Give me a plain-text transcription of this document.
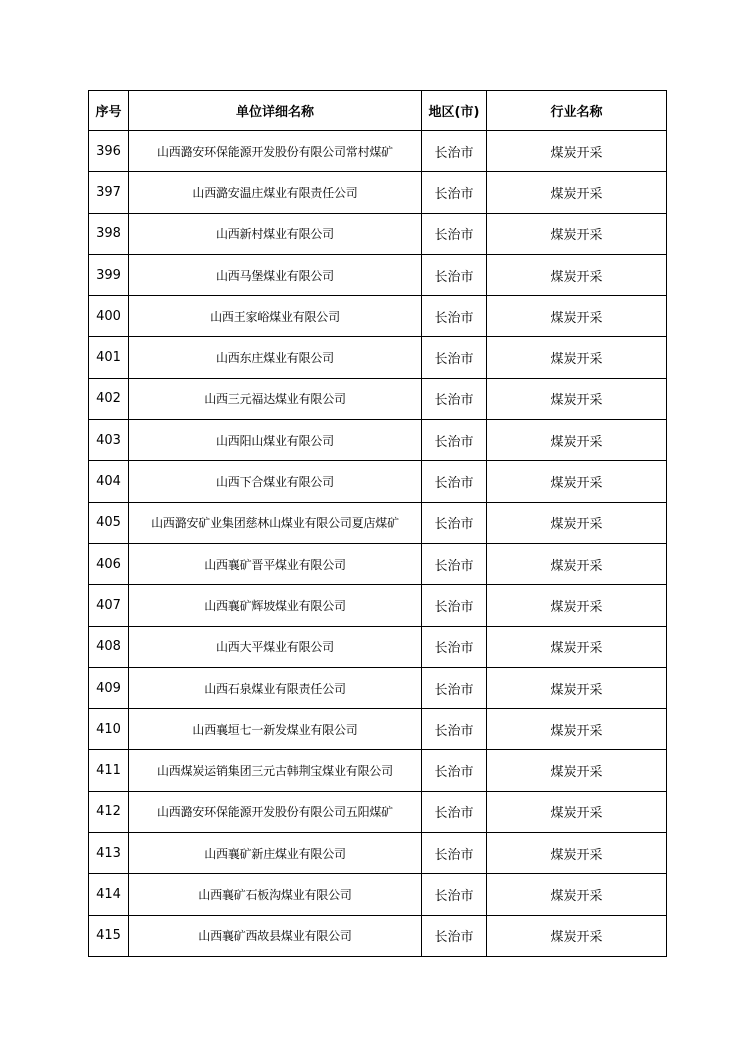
序号	单位详细名称	地区(市)	行业名称
396	山西潞安环保能源开发股份有限公司常村煤矿	长治市	煤炭开采
397	山西潞安温庄煤业有限责任公司	长治市	煤炭开采
398	山西新村煤业有限公司	长治市	煤炭开采
399	山西马堡煤业有限公司	长治市	煤炭开采
400	山西王家峪煤业有限公司	长治市	煤炭开采
401	山西东庄煤业有限公司	长治市	煤炭开采
402	山西三元福达煤业有限公司	长治市	煤炭开采
403	山西阳山煤业有限公司	长治市	煤炭开采
404	山西下合煤业有限公司	长治市	煤炭开采
405	山西潞安矿业集团慈林山煤业有限公司夏店煤矿	长治市	煤炭开采
406	山西襄矿晋平煤业有限公司	长治市	煤炭开采
407	山西襄矿辉坡煤业有限公司	长治市	煤炭开采
408	山西大平煤业有限公司	长治市	煤炭开采
409	山西石泉煤业有限责任公司	长治市	煤炭开采
410	山西襄垣七一新发煤业有限公司	长治市	煤炭开采
411	山西煤炭运销集团三元古韩荆宝煤业有限公司	长治市	煤炭开采
412	山西潞安环保能源开发股份有限公司五阳煤矿	长治市	煤炭开采
413	山西襄矿新庄煤业有限公司	长治市	煤炭开采
414	山西襄矿石板沟煤业有限公司	长治市	煤炭开采
415	山西襄矿西故县煤业有限公司	长治市	煤炭开采
